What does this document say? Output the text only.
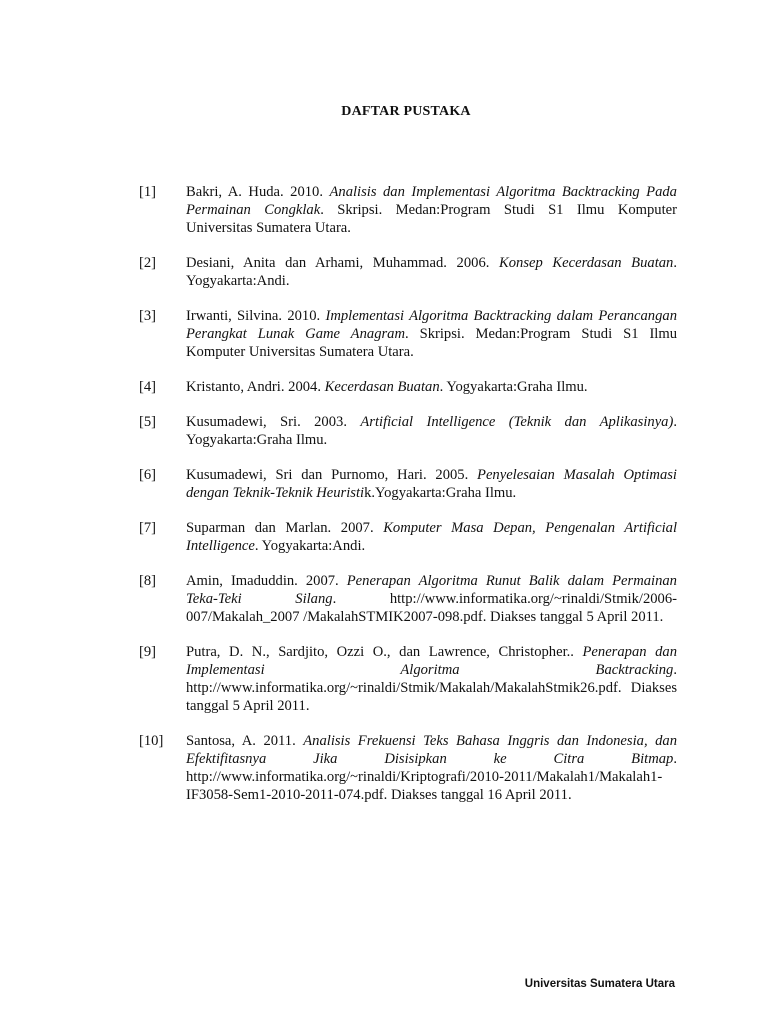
DAFTAR PUSTAKA
[1]	Bakri, A. Huda. 2010. Analisis dan Implementasi Algoritma Backtracking Pada Permainan Congklak. Skripsi. Medan:Program Studi S1 Ilmu Komputer Universitas Sumatera Utara.
[2]	Desiani, Anita dan Arhami, Muhammad. 2006. Konsep Kecerdasan Buatan. Yogyakarta:Andi.
[3]	Irwanti, Silvina. 2010. Implementasi Algoritma Backtracking dalam Perancangan Perangkat Lunak Game Anagram. Skripsi. Medan:Program Studi S1 Ilmu Komputer Universitas Sumatera Utara.
[4]	Kristanto, Andri. 2004. Kecerdasan Buatan. Yogyakarta:Graha Ilmu.
[5]	Kusumadewi, Sri. 2003. Artificial Intelligence (Teknik dan Aplikasinya). Yogyakarta:Graha Ilmu.
[6]	Kusumadewi, Sri dan Purnomo, Hari. 2005. Penyelesaian Masalah Optimasi dengan Teknik-Teknik Heuristik.Yogyakarta:Graha Ilmu.
[7]	Suparman dan Marlan. 2007. Komputer Masa Depan, Pengenalan Artificial Intelligence. Yogyakarta:Andi.
[8]	Amin, Imaduddin. 2007. Penerapan Algoritma Runut Balik dalam Permainan Teka-Teki Silang. http://www.informatika.org/~rinaldi/Stmik/2006-007/Makalah_2007 /MakalahSTMIK2007-098.pdf. Diakses tanggal 5 April 2011.
[9]	Putra, D. N., Sardjito, Ozzi O., dan Lawrence, Christopher.. Penerapan dan Implementasi Algoritma Backtracking. http://www.informatika.org/~rinaldi/Stmik/Makalah/MakalahStmik26.pdf. Diakses tanggal 5 April 2011.
[10]	Santosa, A. 2011. Analisis Frekuensi Teks Bahasa Inggris dan Indonesia, dan Efektifitasnya Jika Disisipkan ke Citra Bitmap. http://www.informatika.org/~rinaldi/Kriptografi/2010-2011/Makalah1/Makalah1-IF3058-Sem1-2010-2011-074.pdf. Diakses tanggal 16 April 2011.
Universitas Sumatera Utara
